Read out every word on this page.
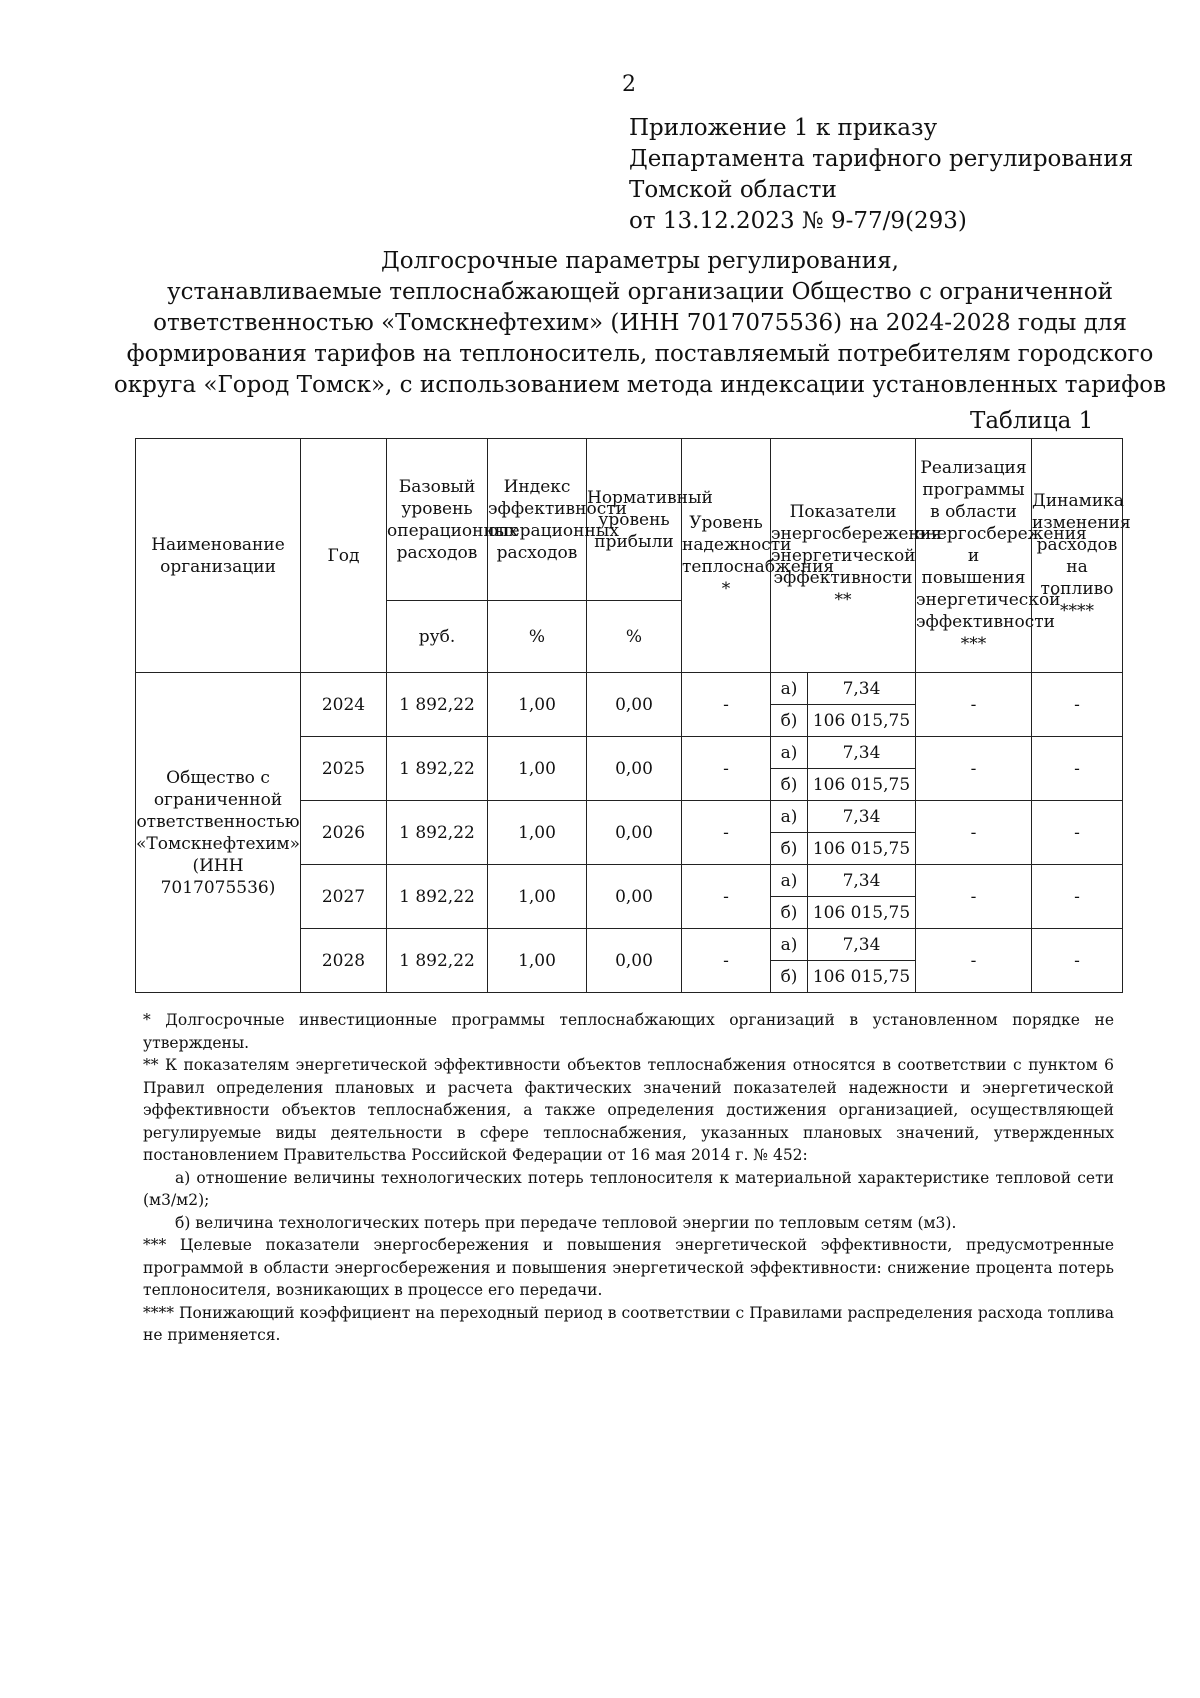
2
Приложение 1 к приказу
Департамента тарифного регулирования
Томской области
от 13.12.2023 № 9-77/9(293)
Долгосрочные параметры регулирования,
устанавливаемые теплоснабжающей организации Общество с ограниченной
ответственностью «Томскнефтехим» (ИНН 7017075536) на 2024-2028 годы для
формирования тарифов на теплоноситель, поставляемый потребителям городского
округа «Город Томск», с использованием метода индексации установленных тарифов
Таблица 1
Наименование организации	Год	Базовый уровень операционных расходов	Индекс эффективности операционных расходов	Нормативный уровень прибыли	Уровень надежности теплоснабжения *	Показатели энергосбережения энергетической эффективности **		Реализация программы в области энергосбережения и повышения энергетической эффективности ***	Динамика изменения расходов на топливо ****
		руб.	%	%					
Общество с ограниченной ответственностью «Томскнефтехим» (ИНН 7017075536)	2024	1 892,22	1,00	0,00	-	а)	7,34	-	-
						б)	106 015,75		
	2025	1 892,22	1,00	0,00	-	а)	7,34	-	-
						б)	106 015,75		
	2026	1 892,22	1,00	0,00	-	а)	7,34	-	-
						б)	106 015,75		
	2027	1 892,22	1,00	0,00	-	а)	7,34	-	-
						б)	106 015,75		
	2028	1 892,22	1,00	0,00	-	а)	7,34	-	-
						б)	106 015,75		

* Долгосрочные инвестиционные программы теплоснабжающих организаций в установленном порядке не утверждены.

** К показателям энергетической эффективности объектов теплоснабжения относятся в соответствии с пунктом 6 Правил определения плановых и расчета фактических значений показателей надежности и энергетической эффективности объектов теплоснабжения, а также определения достижения организацией, осуществляющей регулируемые виды деятельности в сфере теплоснабжения, указанных плановых значений, утвержденных постановлением Правительства Российской Федерации от 16 мая 2014 г. № 452:

а) отношение величины технологических потерь теплоносителя к материальной характеристике тепловой сети (м3/м2);

б) величина технологических потерь при передаче тепловой энергии по тепловым сетям (м3).

*** Целевые показатели энергосбережения и повышения энергетической эффективности, предусмотренные программой в области энергосбережения и повышения энергетической эффективности: снижение процента потерь теплоносителя, возникающих в процессе его передачи.

**** Понижающий коэффициент на переходный период в соответствии с Правилами распределения расхода топлива не применяется.
